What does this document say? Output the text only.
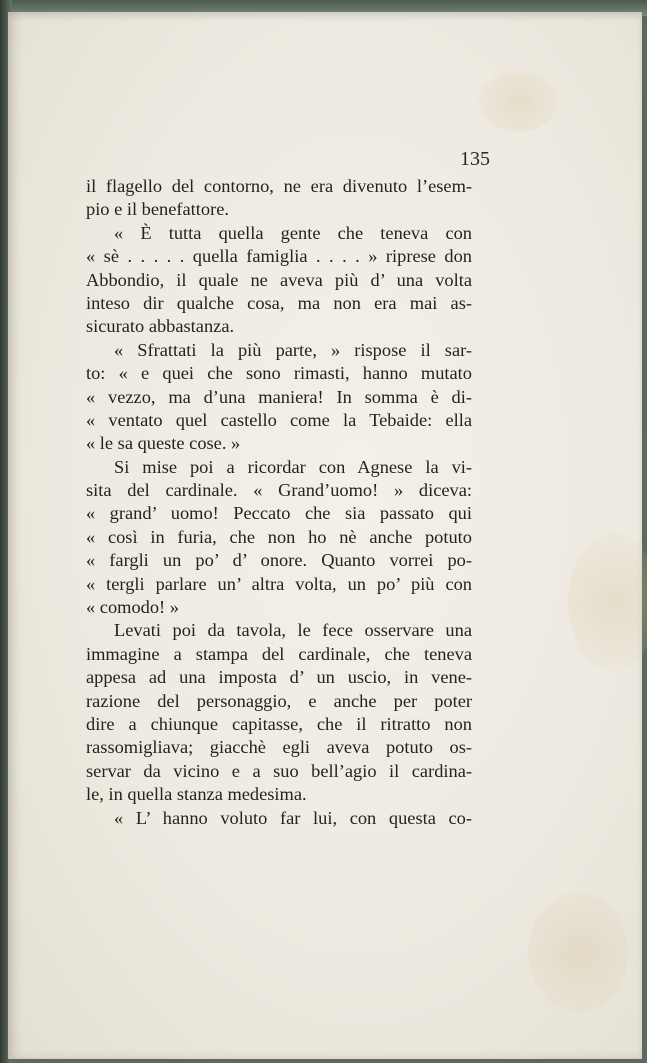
135
il flagello del contorno, ne era divenuto l’esem-
pio e il benefattore.
« È tutta quella gente che teneva con
« sè . . . . . quella famiglia . . . . » riprese don
Abbondio, il quale ne aveva più d’ una volta
inteso dir qualche cosa, ma non era mai as-
sicurato abbastanza.
« Sfrattati la più parte, » rispose il sar-
to: « e quei che sono rimasti, hanno mutato
« vezzo, ma d’una maniera! In somma è di-
« ventato quel castello come la Tebaide: ella
« le sa queste cose. »
Si mise poi a ricordar con Agnese la vi-
sita del cardinale. « Grand’uomo! » diceva:
« grand’ uomo! Peccato che sia passato qui
« così in furia, che non ho nè anche potuto
« fargli un po’ d’ onore. Quanto vorrei po-
« tergli parlare un’ altra volta, un po’ più con
« comodo! »
Levati poi da tavola, le fece osservare una
immagine a stampa del cardinale, che teneva
appesa ad una imposta d’ un uscio, in vene-
razione del personaggio, e anche per poter
dire a chiunque capitasse, che il ritratto non
rassomigliava; giacchè egli aveva potuto os-
servar da vicino e a suo bell’agio il cardina-
le, in quella stanza medesima.
« L’ hanno voluto far lui, con questa co-
